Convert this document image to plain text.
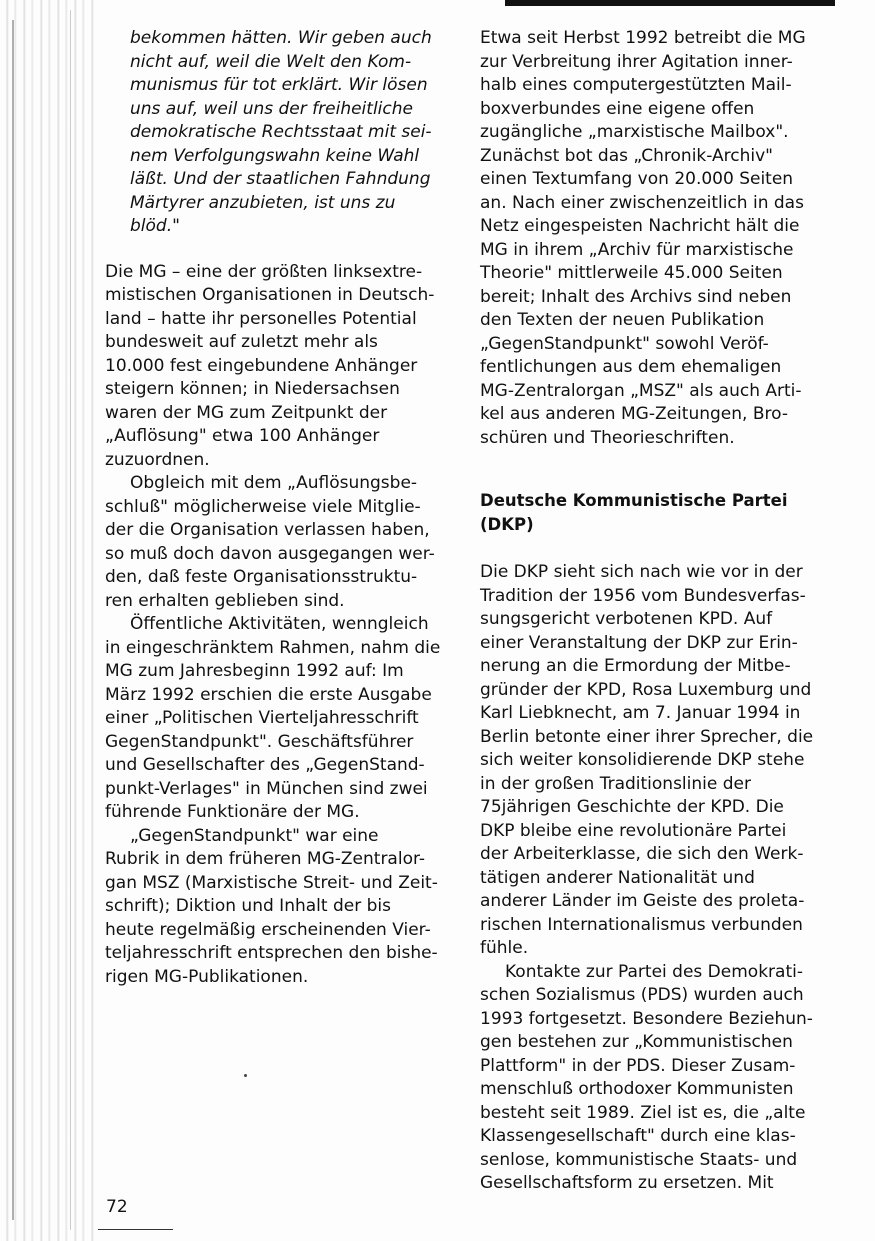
bekommen hätten. Wir geben auch
nicht auf, weil die Welt den Kom-
munismus für tot erklärt. Wir lösen
uns auf, weil uns der freiheitliche
demokratische Rechtsstaat mit sei-
nem Verfolgungswahn keine Wahl
läßt. Und der staatlichen Fahndung
Märtyrer anzubieten, ist uns zu
blöd."

Die MG – eine der größten linksextre-
mistischen Organisationen in Deutsch-
land – hatte ihr personelles Potential
bundesweit auf zuletzt mehr als
10.000 fest eingebundene Anhänger
steigern können; in Niedersachsen
waren der MG zum Zeitpunkt der
„Auflösung" etwa 100 Anhänger
zuzuordnen.

Obgleich mit dem „Auflösungsbe-
schluß" möglicherweise viele Mitglie-
der die Organisation verlassen haben,
so muß doch davon ausgegangen wer-
den, daß feste Organisationsstruktu-
ren erhalten geblieben sind.

Öffentliche Aktivitäten, wenngleich
in eingeschränktem Rahmen, nahm die
MG zum Jahresbeginn 1992 auf: Im
März 1992 erschien die erste Ausgabe
einer „Politischen Vierteljahresschrift
GegenStandpunkt". Geschäftsführer
und Gesellschafter des „GegenStand-
punkt-Verlages" in München sind zwei
führende Funktionäre der MG.

„GegenStandpunkt" war eine
Rubrik in dem früheren MG-Zentralor-
gan MSZ (Marxistische Streit- und Zeit-
schrift); Diktion und Inhalt der bis
heute regelmäßig erscheinenden Vier-
teljahresschrift entsprechen den bishe-
rigen MG-Publikationen.

Etwa seit Herbst 1992 betreibt die MG
zur Verbreitung ihrer Agitation inner-
halb eines computergestützten Mail-
boxverbundes eine eigene offen
zugängliche „marxistische Mailbox".
Zunächst bot das „Chronik-Archiv"
einen Textumfang von 20.000 Seiten
an. Nach einer zwischenzeitlich in das
Netz eingespeisten Nachricht hält die
MG in ihrem „Archiv für marxistische
Theorie" mittlerweile 45.000 Seiten
bereit; Inhalt des Archivs sind neben
den Texten der neuen Publikation
„GegenStandpunkt" sowohl Veröf-
fentlichungen aus dem ehemaligen
MG-Zentralorgan „MSZ" als auch Arti-
kel aus anderen MG-Zeitungen, Bro-
schüren und Theorieschriften.

Deutsche Kommunistische Partei (DKP)

Die DKP sieht sich nach wie vor in der
Tradition der 1956 vom Bundesverfas-
sungsgericht verbotenen KPD. Auf
einer Veranstaltung der DKP zur Erin-
nerung an die Ermordung der Mitbe-
gründer der KPD, Rosa Luxemburg und
Karl Liebknecht, am 7. Januar 1994 in
Berlin betonte einer ihrer Sprecher, die
sich weiter konsolidierende DKP stehe
in der großen Traditionslinie der
75jährigen Geschichte der KPD. Die
DKP bleibe eine revolutionäre Partei
der Arbeiterklasse, die sich den Werk-
tätigen anderer Nationalität und
anderer Länder im Geiste des proleta-
rischen Internationalismus verbunden
fühle.

Kontakte zur Partei des Demokrati-
schen Sozialismus (PDS) wurden auch
1993 fortgesetzt. Besondere Beziehun-
gen bestehen zur „Kommunistischen
Plattform" in der PDS. Dieser Zusam-
menschluß orthodoxer Kommunisten
besteht seit 1989. Ziel ist es, die „alte
Klassengesellschaft" durch eine klas-
senlose, kommunistische Staats- und
Gesellschaftsform zu ersetzen. Mit

72
